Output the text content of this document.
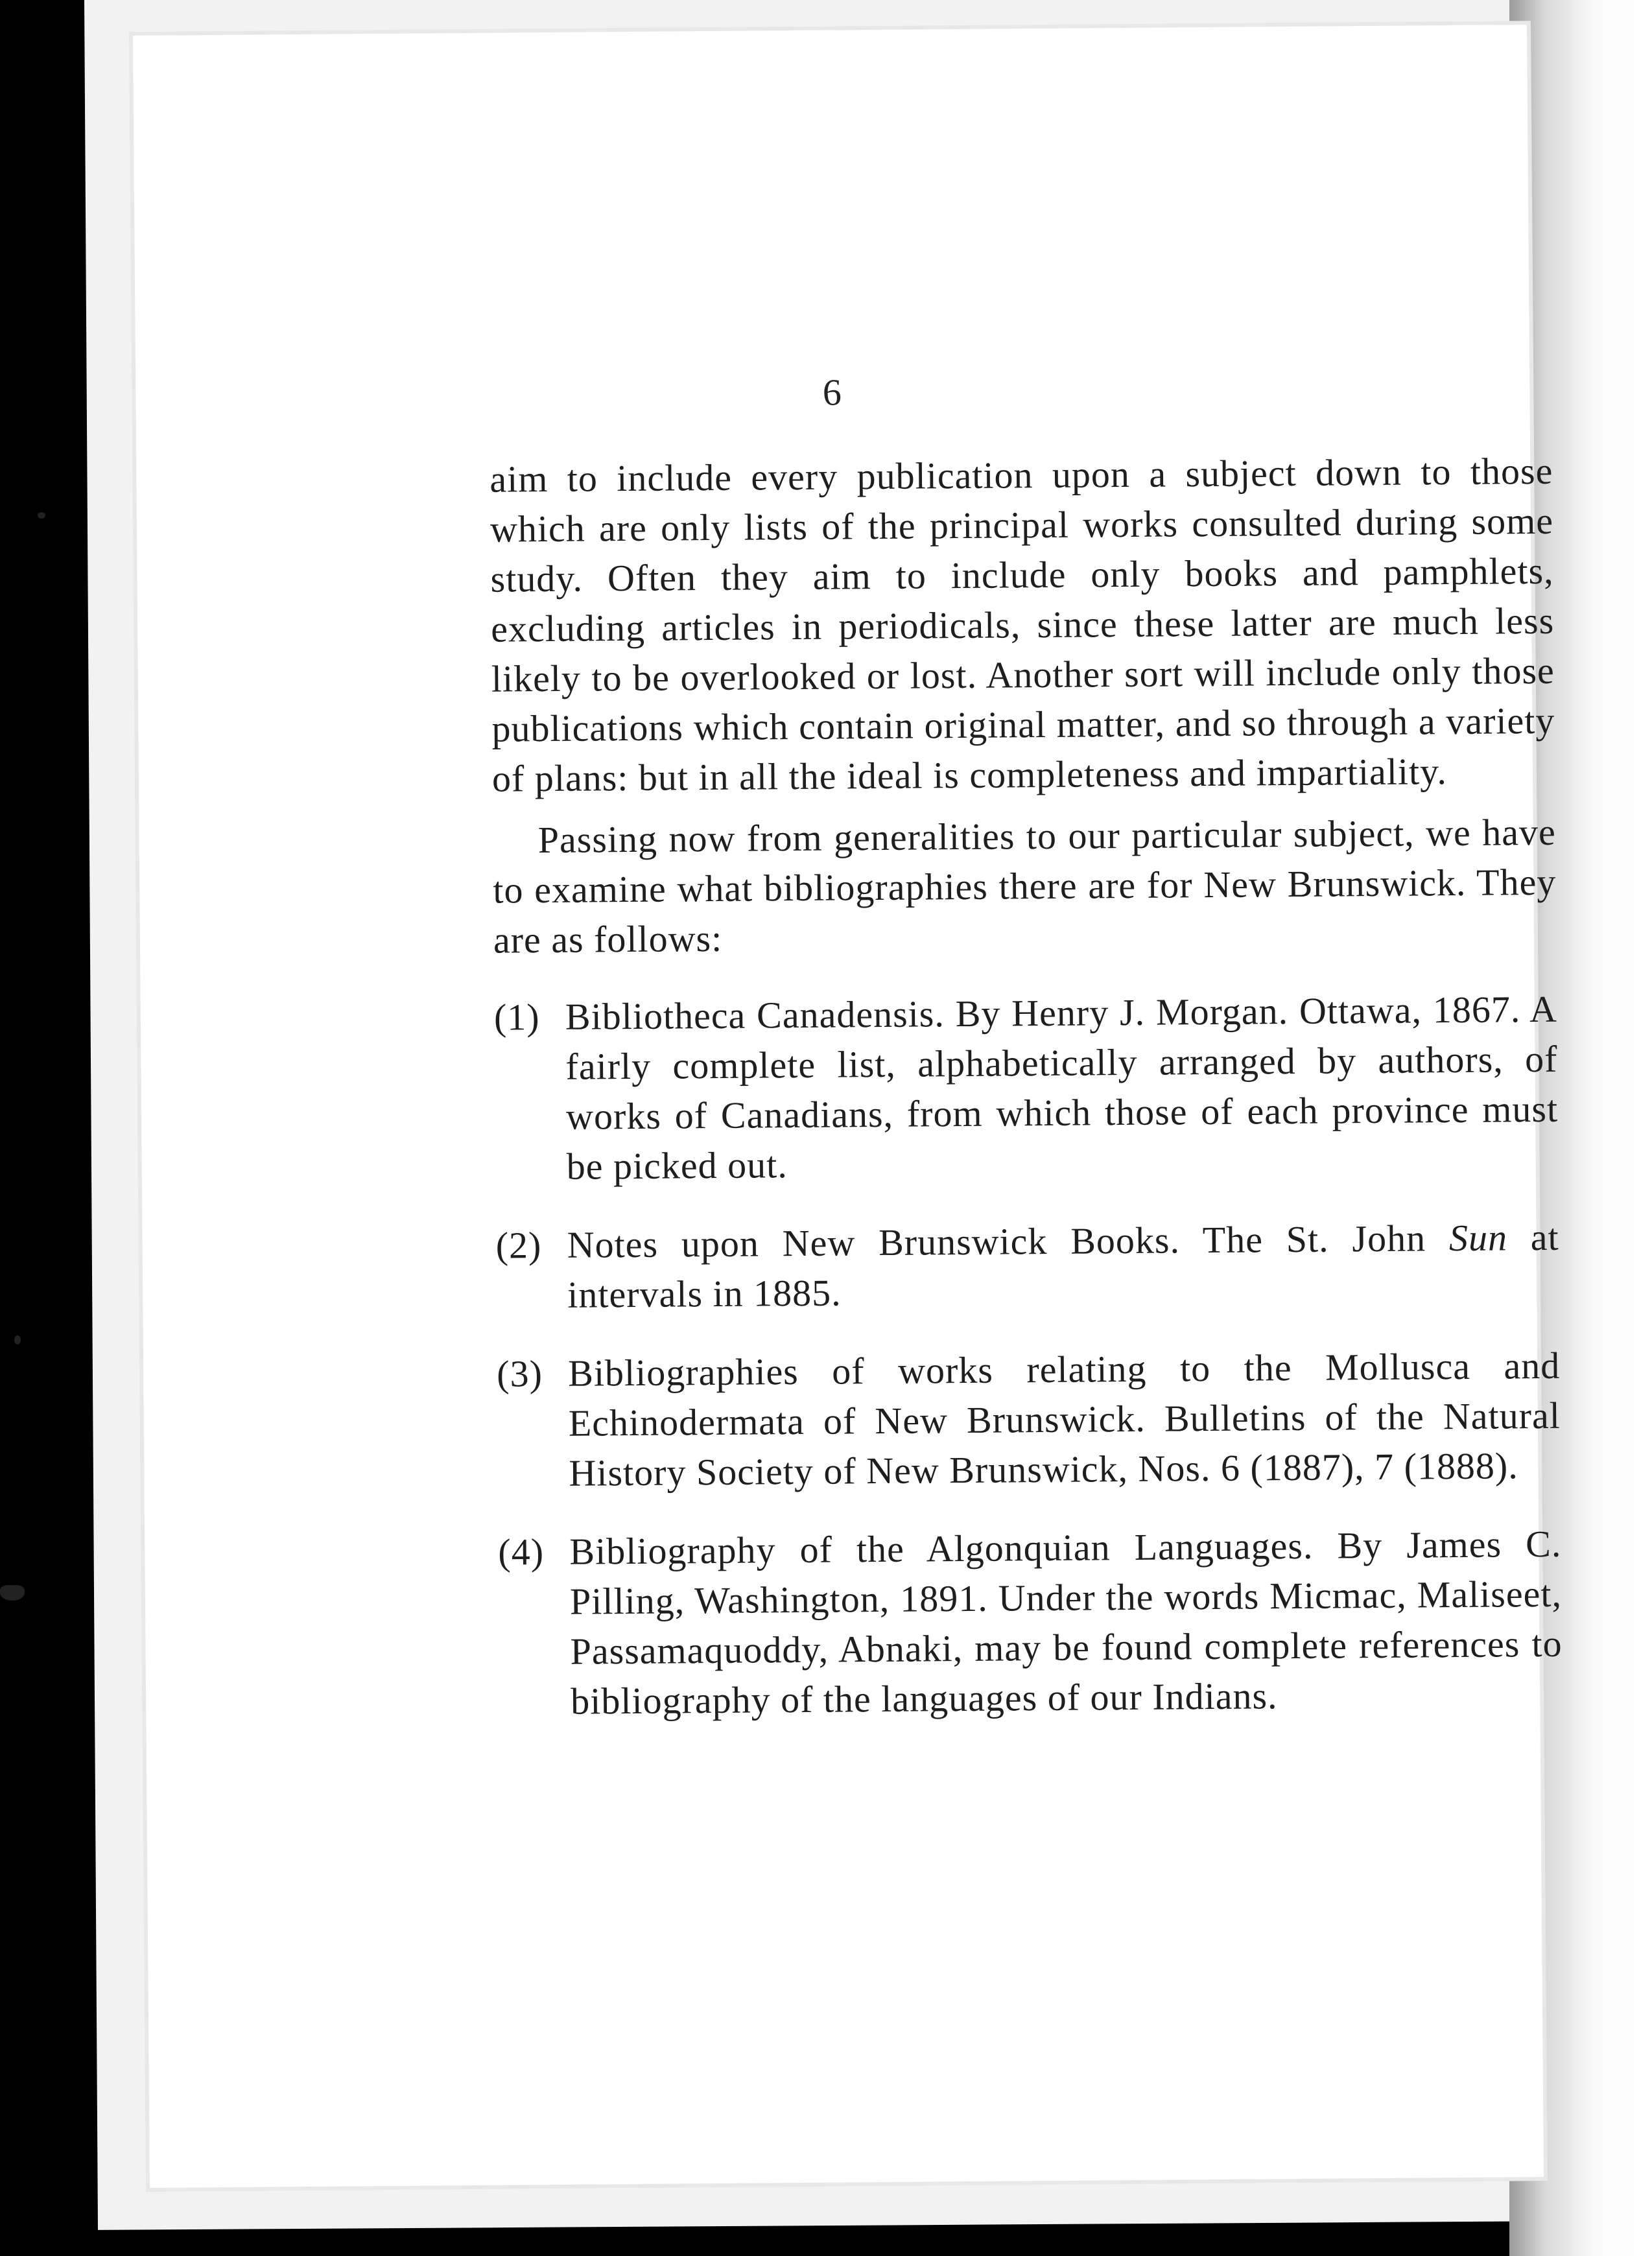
6

aim to include every publication upon a subject down to those which are only lists of the principal works consulted during some study. Often they aim to include only books and pamphlets, excluding articles in periodicals, since these latter are much less likely to be overlooked or lost. Another sort will include only those publications which contain original matter, and so through a variety of plans: but in all the ideal is completeness and impartiality.

Passing now from generalities to our particular subject, we have to examine what bibliographies there are for New Brunswick. They are as follows:

(1) Bibliotheca Canadensis. By Henry J. Morgan. Ottawa, 1867. A fairly complete list, alphabetically arranged by authors, of works of Canadians, from which those of each province must be picked out.
(2) Notes upon New Brunswick Books. The St. John Sun at intervals in 1885.
(3) Bibliographies of works relating to the Mollusca and Echinodermata of New Brunswick. Bulletins of the Natural History Society of New Brunswick, Nos. 6 (1887), 7 (1888).
(4) Bibliography of the Algonquian Languages. By James C. Pilling, Washington, 1891. Under the words Micmac, Maliseet, Passamaquoddy, Abnaki, may be found complete references to bibliography of the languages of our Indians.
